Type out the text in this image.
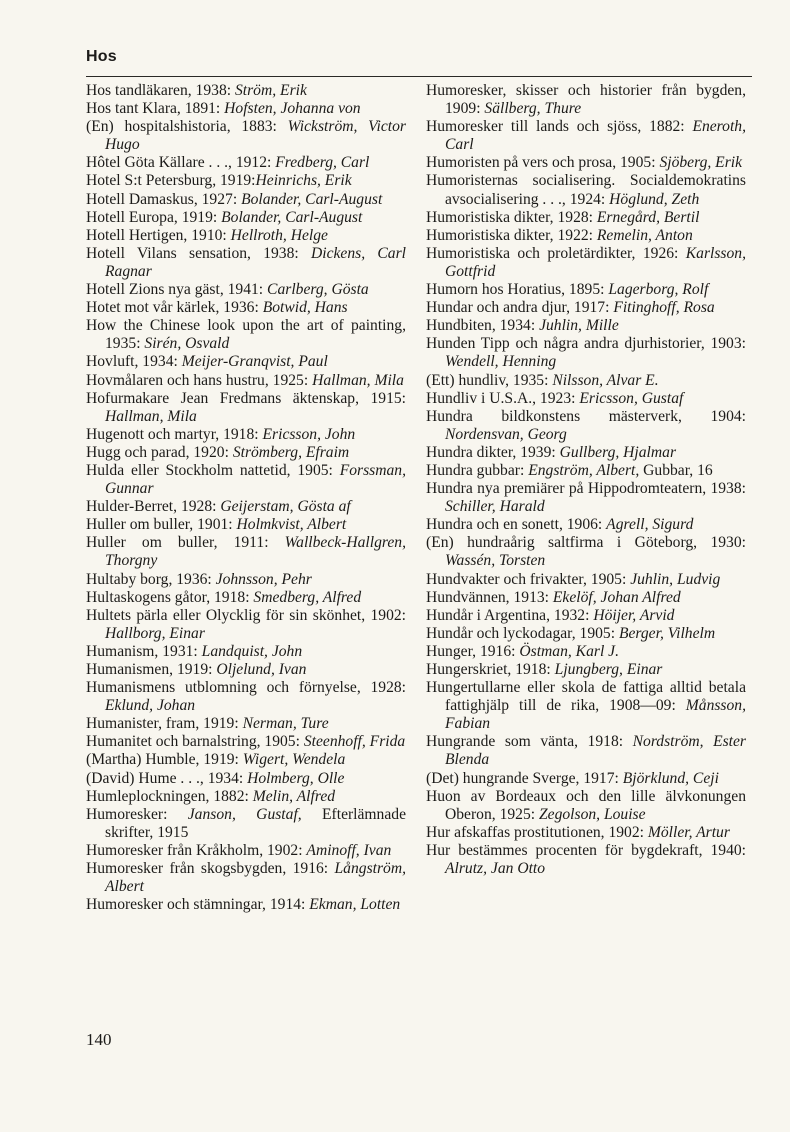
Hos

Hos tandläkaren, 1938: Ström, Erik

Hos tant Klara, 1891: Hofsten, Johanna von

(En) hospitalshistoria, 1883: Wickström, Victor Hugo

Hôtel Göta Källare . . ., 1912: Fredberg, Carl

Hotel S:t Petersburg, 1919:Heinrichs, Erik

Hotell Damaskus, 1927: Bolander, Carl-August

Hotell Europa, 1919: Bolander, Carl-August

Hotell Hertigen, 1910: Hellroth, Helge

Hotell Vilans sensation, 1938: Dickens, Carl Ragnar

Hotell Zions nya gäst, 1941: Carlberg, Gösta

Hotet mot vår kärlek, 1936: Botwid, Hans

How the Chinese look upon the art of painting, 1935: Sirén, Osvald

Hovluft, 1934: Meijer-Granqvist, Paul

Hovmålaren och hans hustru, 1925: Hallman, Mila

Hofurmakare Jean Fredmans äktenskap, 1915: Hallman, Mila

Hugenott och martyr, 1918: Ericsson, John

Hugg och parad, 1920: Strömberg, Efraim

Hulda eller Stockholm nattetid, 1905: Forssman, Gunnar

Hulder-Berret, 1928: Geijerstam, Gösta af

Huller om buller, 1901: Holmkvist, Albert

Huller om buller, 1911: Wallbeck-Hallgren, Thorgny

Hultaby borg, 1936: Johnsson, Pehr

Hultaskogens gåtor, 1918: Smedberg, Alfred

Hultets pärla eller Olycklig för sin skönhet, 1902: Hallborg, Einar

Humanism, 1931: Landquist, John

Humanismen, 1919: Oljelund, Ivan

Humanismens utblomning och förnyelse, 1928: Eklund, Johan

Humanister, fram, 1919: Nerman, Ture

Humanitet och barnalstring, 1905: Steenhoff, Frida

(Martha) Humble, 1919: Wigert, Wendela

(David) Hume . . ., 1934: Holmberg, Olle

Humleplockningen, 1882: Melin, Alfred

Humoresker: Janson, Gustaf, Efterlämnade skrifter, 1915

Humoresker från Kråkholm, 1902: Aminoff, Ivan

Humoresker från skogsbygden, 1916: Långström, Albert

Humoresker och stämningar, 1914: Ekman, Lotten

Humoresker, skisser och historier från bygden, 1909: Sällberg, Thure

Humoresker till lands och sjöss, 1882: Eneroth, Carl

Humoristen på vers och prosa, 1905: Sjöberg, Erik

Humoristernas socialisering. Socialdemokratins avsocialisering . . ., 1924: Höglund, Zeth

Humoristiska dikter, 1928: Ernegård, Bertil

Humoristiska dikter, 1922: Remelin, Anton

Humoristiska och proletärdikter, 1926: Karlsson, Gottfrid

Humorn hos Horatius, 1895: Lagerborg, Rolf

Hundar och andra djur, 1917: Fitinghoff, Rosa

Hundbiten, 1934: Juhlin, Mille

Hunden Tipp och några andra djurhistorier, 1903: Wendell, Henning

(Ett) hundliv, 1935: Nilsson, Alvar E.

Hundliv i U.S.A., 1923: Ericsson, Gustaf

Hundra bildkonstens mästerverk, 1904: Nordensvan, Georg

Hundra dikter, 1939: Gullberg, Hjalmar

Hundra gubbar: Engström, Albert, Gubbar, 16

Hundra nya premiärer på Hippodromteatern, 1938: Schiller, Harald

Hundra och en sonett, 1906: Agrell, Sigurd

(En) hundraårig saltfirma i Göteborg, 1930: Wassén, Torsten

Hundvakter och frivakter, 1905: Juhlin, Ludvig

Hundvännen, 1913: Ekelöf, Johan Alfred

Hundår i Argentina, 1932: Höijer, Arvid

Hundår och lyckodagar, 1905: Berger, Vilhelm

Hunger, 1916: Östman, Karl J.

Hungerskriet, 1918: Ljungberg, Einar

Hungertullarne eller skola de fattiga alltid betala fattighjälp till de rika, 1908—09: Månsson, Fabian

Hungrande som vänta, 1918: Nordström, Ester Blenda

(Det) hungrande Sverge, 1917: Björklund, Ceji

Huon av Bordeaux och den lille älvkonungen Oberon, 1925: Zegolson, Louise

Hur afskaffas prostitutionen, 1902: Möller, Artur

Hur bestämmes procenten för bygdekraft, 1940: Alrutz, Jan Otto

140
